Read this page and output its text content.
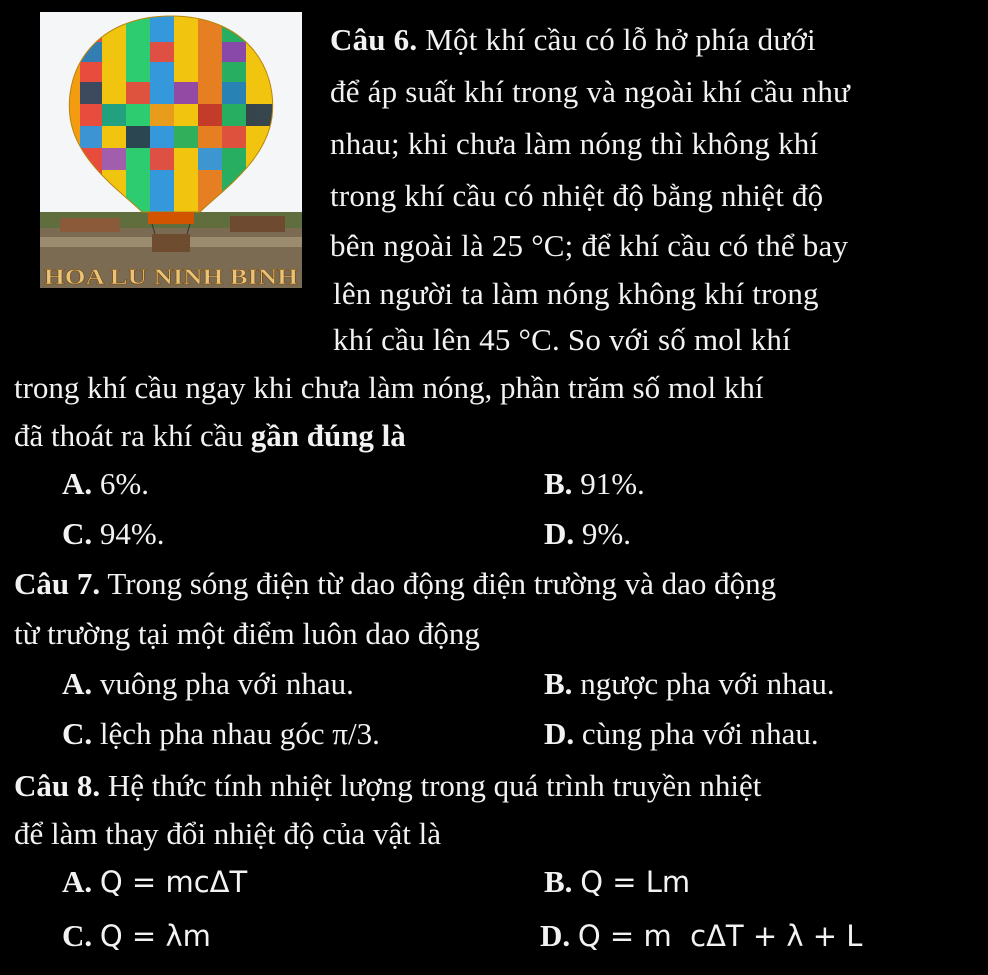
HOA LU NINH BINH
Câu 6. Một khí cầu có lỗ hở phía dưới
để áp suất khí trong và ngoài khí cầu như
nhau; khi chưa làm nóng thì không khí
trong khí cầu có nhiệt độ bằng nhiệt độ
bên ngoài là 25 °C; để khí cầu có thể bay
lên người ta làm nóng không khí trong
khí cầu lên 45 °C. So với số mol khí
trong khí cầu ngay khi chưa làm nóng, phần trăm số mol khí
đã thoát ra khí cầu gần đúng là
A. 6%.	B. 91%.
C. 94%.	D. 9%.
Câu 7. Trong sóng điện từ dao động điện trường và dao động
từ trường tại một điểm luôn dao động
A. vuông pha với nhau.	B. ngược pha với nhau.
C. lệch pha nhau góc π/3.	D. cùng pha với nhau.
Câu 8. Hệ thức tính nhiệt lượng trong quá trình truyền nhiệt
để làm thay đổi nhiệt độ của vật là
A. Q = mcΔT	B. Q = Lm
C. Q = λm	D. Q = m  cΔT + λ + L
